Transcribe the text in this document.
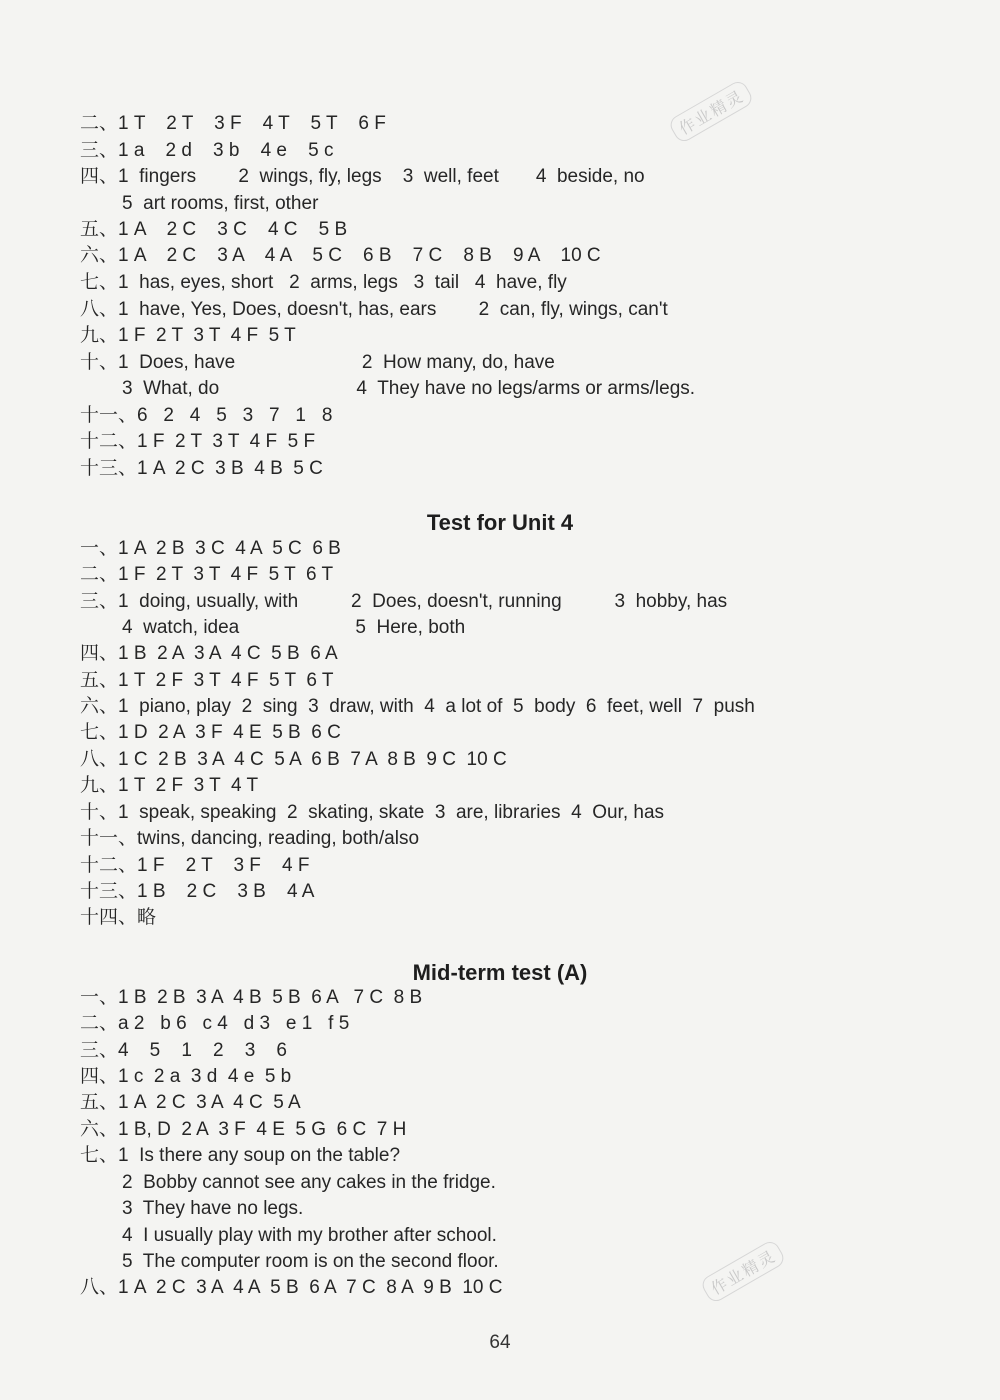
作业精灵
二、1 T    2 T    3 F    4 T    5 T    6 F
三、1 a    2 d    3 b    4 e    5 c
四、1  fingers        2  wings, fly, legs    3  well, feet       4  beside, no
5  art rooms, first, other
五、1 A    2 C    3 C    4 C    5 B
六、1 A    2 C    3 A    4 A    5 C    6 B    7 C    8 B    9 A    10 C
七、1  has, eyes, short   2  arms, legs   3  tail   4  have, fly
八、1  have, Yes, Does, doesn't, has, ears        2  can, fly, wings, can't
九、1 F  2 T  3 T  4 F  5 T
十、1  Does, have                        2  How many, do, have
3  What, do                          4  They have no legs/arms or arms/legs.
十一、6   2   4   5   3   7   1   8
十二、1 F  2 T  3 T  4 F  5 F
十三、1 A  2 C  3 B  4 B  5 C
Test for Unit 4
一、1 A  2 B  3 C  4 A  5 C  6 B
二、1 F  2 T  3 T  4 F  5 T  6 T
三、1  doing, usually, with          2  Does, doesn't, running          3  hobby, has
4  watch, idea                      5  Here, both
四、1 B  2 A  3 A  4 C  5 B  6 A
五、1 T  2 F  3 T  4 F  5 T  6 T
六、1  piano, play  2  sing  3  draw, with  4  a lot of  5  body  6  feet, well  7  push
七、1 D  2 A  3 F  4 E  5 B  6 C
八、1 C  2 B  3 A  4 C  5 A  6 B  7 A  8 B  9 C  10 C
九、1 T  2 F  3 T  4 T
十、1  speak, speaking  2  skating, skate  3  are, libraries  4  Our, has
十一、twins, dancing, reading, both/also
十二、1 F    2 T    3 F    4 F
十三、1 B    2 C    3 B    4 A
十四、略
Mid-term test (A)
一、1 B  2 B  3 A  4 B  5 B  6 A   7 C  8 B
二、a 2   b 6   c 4   d 3   e 1   f 5
三、4    5    1    2    3    6
四、1 c  2 a  3 d  4 e  5 b
五、1 A  2 C  3 A  4 C  5 A
六、1 B, D  2 A  3 F  4 E  5 G  6 C  7 H
七、1  Is there any soup on the table?
2  Bobby cannot see any cakes in the fridge.
3  They have no legs.
4  I usually play with my brother after school.
5  The computer room is on the second floor.
八、1 A  2 C  3 A  4 A  5 B  6 A  7 C  8 A  9 B  10 C	作业精灵
64
